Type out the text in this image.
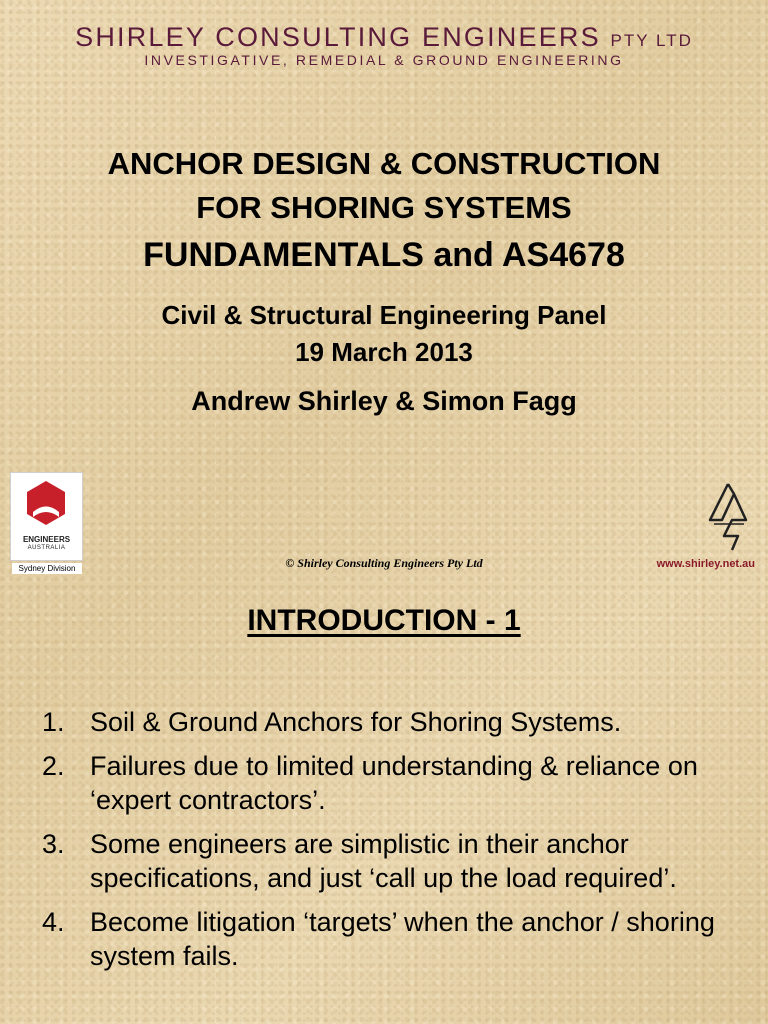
SHIRLEY CONSULTING ENGINEERS PTY LTD
INVESTIGATIVE, REMEDIAL & GROUND ENGINEERING
ANCHOR DESIGN & CONSTRUCTION
FOR SHORING SYSTEMS
FUNDAMENTALS and AS4678
Civil & Structural Engineering Panel
19 March 2013
Andrew Shirley & Simon Fagg
ENGINEERS
AUSTRALIA
Sydney Division	© Shirley Consulting Engineers Pty Ltd	www.shirley.net.au
INTRODUCTION - 1
1. Soil & Ground Anchors for Shoring Systems.
2. Failures due to limited understanding & reliance on ‘expert contractors’.
3. Some engineers are simplistic in their anchor specifications, and just ‘call up the load required’.
4. Become litigation ‘targets’ when the anchor / shoring system fails.
